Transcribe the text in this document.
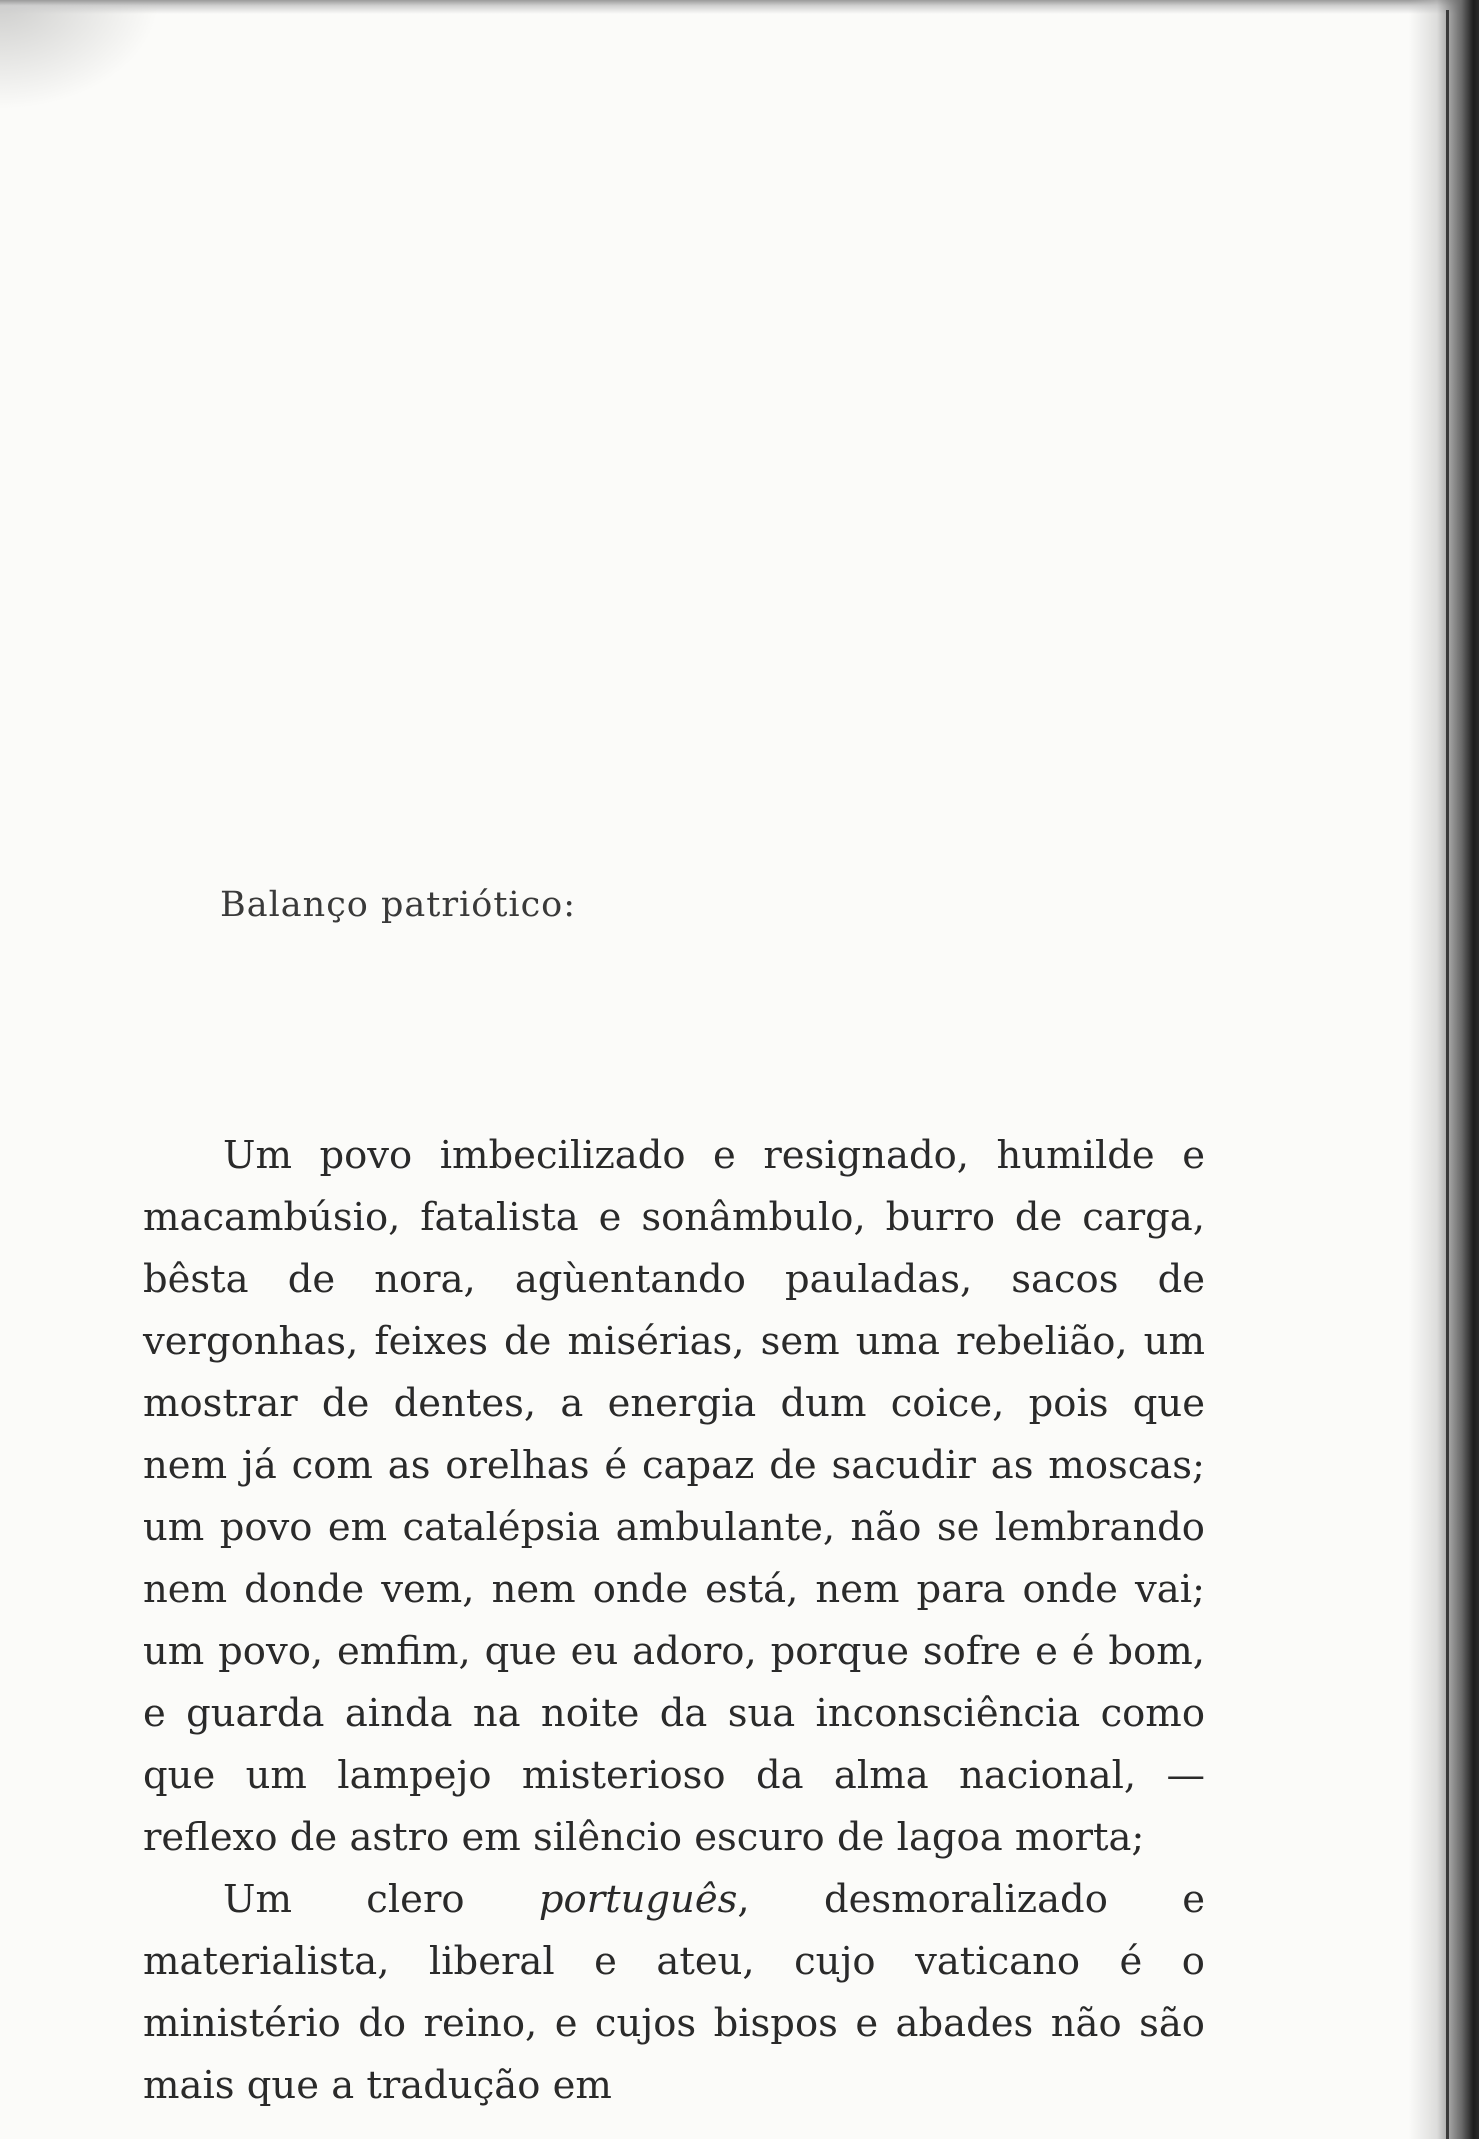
Balanço patriótico:

Um povo imbecilizado e resignado, humilde e macambúsio, fatalista e sonâmbulo, burro de carga, bêsta de nora, agùentando pauladas, sacos de vergonhas, feixes de misérias, sem uma rebelião, um mostrar de dentes, a energia dum coice, pois que nem já com as orelhas é capaz de sacudir as moscas; um povo em catalépsia ambulante, não se lembrando nem donde vem, nem onde está, nem para onde vai; um povo, emfim, que eu adoro, porque sofre e é bom, e guarda ainda na noite da sua inconsciência como que um lampejo misterioso da alma nacional, — reflexo de astro em silêncio escuro de lagoa morta;

Um clero português, desmoralizado e materialista, liberal e ateu, cujo vaticano é o ministério do reino, e cujos bispos e abades não são mais que a tradução em
